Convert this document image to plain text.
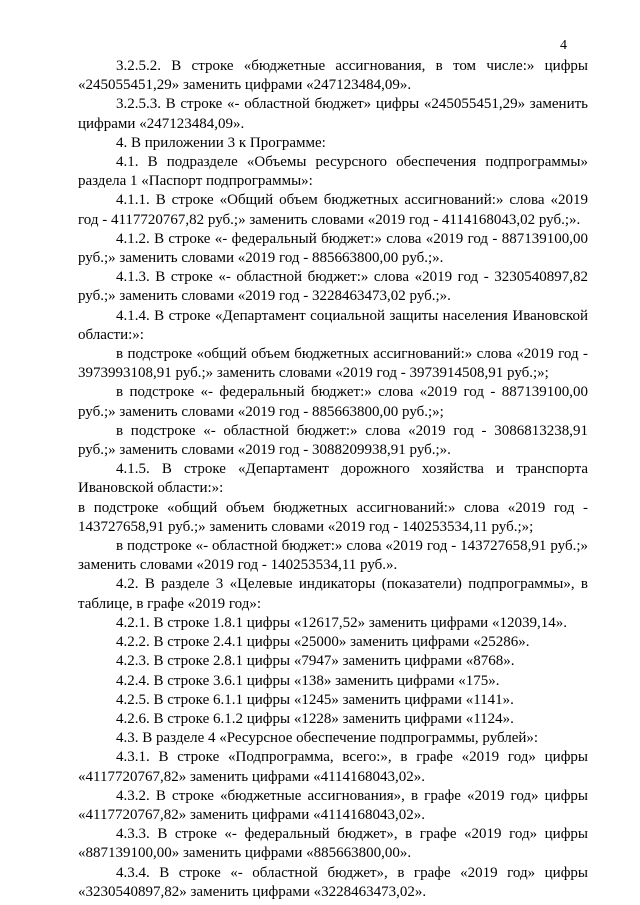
4
3.2.5.2. В строке «бюджетные ассигнования, в том числе:» цифры «245055451,29» заменить цифрами «247123484,09».
3.2.5.3. В строке «- областной бюджет» цифры «245055451,29» заменить цифрами «247123484,09».
4. В приложении 3 к Программе:
4.1. В подразделе «Объемы ресурсного обеспечения подпрограммы» раздела 1 «Паспорт подпрограммы»:
4.1.1. В строке «Общий объем бюджетных ассигнований:» слова «2019 год - 4117720767,82 руб.;» заменить словами «2019 год - 4114168043,02 руб.;».
4.1.2. В строке «- федеральный бюджет:» слова «2019 год - 887139100,00 руб.;» заменить словами «2019 год - 885663800,00 руб.;».
4.1.3. В строке «- областной бюджет:» слова «2019 год - 3230540897,82 руб.;» заменить словами «2019 год - 3228463473,02 руб.;».
4.1.4. В строке «Департамент социальной защиты населения Ивановской области:»:
в подстроке «общий объем бюджетных ассигнований:» слова «2019 год - 3973993108,91 руб.;» заменить словами «2019 год - 3973914508,91 руб.;»;
в подстроке «- федеральный бюджет:» слова «2019 год - 887139100,00 руб.;» заменить словами «2019 год - 885663800,00 руб.;»;
в подстроке «- областной бюджет:» слова «2019 год - 3086813238,91 руб.;» заменить словами «2019 год - 3088209938,91 руб.;».
4.1.5. В строке «Департамент дорожного хозяйства и транспорта Ивановской области:»:
в подстроке «общий объем бюджетных ассигнований:» слова «2019 год - 143727658,91 руб.;» заменить словами «2019 год - 140253534,11 руб.;»;
в подстроке «- областной бюджет:» слова «2019 год - 143727658,91 руб.;» заменить словами «2019 год - 140253534,11 руб.».
4.2. В разделе 3 «Целевые индикаторы (показатели) подпрограммы», в таблице, в графе «2019 год»:
4.2.1. В строке 1.8.1 цифры «12617,52» заменить цифрами «12039,14».
4.2.2. В строке 2.4.1 цифры «25000» заменить цифрами «25286».
4.2.3. В строке 2.8.1 цифры «7947» заменить цифрами «8768».
4.2.4. В строке 3.6.1 цифры «138» заменить цифрами «175».
4.2.5. В строке 6.1.1 цифры «1245» заменить цифрами «1141».
4.2.6. В строке 6.1.2 цифры «1228» заменить цифрами «1124».
4.3. В разделе 4 «Ресурсное обеспечение подпрограммы, рублей»:
4.3.1. В строке «Подпрограмма, всего:», в графе «2019 год» цифры «4117720767,82» заменить цифрами «4114168043,02».
4.3.2. В строке «бюджетные ассигнования», в графе «2019 год» цифры «4117720767,82» заменить цифрами «4114168043,02».
4.3.3. В строке «- федеральный бюджет», в графе «2019 год» цифры «887139100,00» заменить цифрами «885663800,00».
4.3.4. В строке «- областной бюджет», в графе «2019 год» цифры «3230540897,82» заменить цифрами «3228463473,02».
